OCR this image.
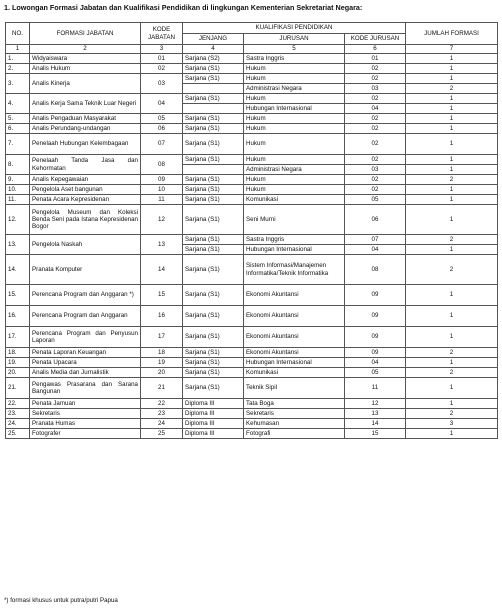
1. Lowongan Formasi Jabatan dan Kualifikasi Pendidikan di lingkungan Kementerian Sekretariat Negara:
NO.	FORMASI JABATAN	KODE JABATAN	KUALIFIKASI PENDIDIKAN			JUMLAH FORMASI
			JENJANG	JURUSAN	KODE JURUSAN	
1	2	3	4	5	6	7
1.	Widyaiswara	01	Sarjana (S2)	Sastra Inggris	01	1
2.	Analis Hukum	02	Sarjana (S1)	Hukum	02	1
3.	Analis Kinerja	03	Sarjana (S1)	Hukum	02	1
				Administrasi Negara	03	2
4.	Analis Kerja Sama Teknik Luar Negeri	04	Sarjana (S1)	Hukum	02	1
				Hubungan Internasional	04	1
5.	Analis Pengaduan Masyarakat	05	Sarjana (S1)	Hukum	02	1
6.	Analis Perundang-undangan	06	Sarjana (S1)	Hukum	02	1
7.	Penelaah Hubungan Kelembagaan	07	Sarjana (S1)	Hukum	02	1
8.	Penelaah Tanda Jasa dan Kehormatan	08	Sarjana (S1)	Hukum	02	1
				Administrasi Negara	03	1
9.	Analis Kepegawaian	09	Sarjana (S1)	Hukum	02	2
10.	Pengelola Aset bangunan	10	Sarjana (S1)	Hukum	02	1
11.	Penata Acara Kepresidenan	11	Sarjana (S1)	Komunikasi	05	1
12.	Pengelola Museum dan Koleksi Benda Seni pada Istana Kepresidenan Bogor	12	Sarjana (S1)	Seni Murni	06	1
13.	Pengelola Naskah	13	Sarjana (S1)	Sastra Inggris	07	2
			Sarjana (S1)	Hubungan Internasional	04	1
14.	Pranata Komputer	14	Sarjana (S1)	Sistem Informasi/Manajemen Informatika/Teknik Informatika	08	2
15.	Perencana Program dan Anggaran *)	15	Sarjana (S1)	Ekonomi Akuntansi	09	1
16.	Perencana Program dan Anggaran	16	Sarjana (S1)	Ekonomi Akuntansi	09	1
17.	Perencana Program dan Penyusun Laporan	17	Sarjana (S1)	Ekonomi Akuntansi	09	1
18.	Penata Laporan Keuangan	18	Sarjana (S1)	Ekonomi Akuntansi	09	2
19.	Penata Upacara	19	Sarjana (S1)	Hubungan Internasional	04	1
20.	Analis Media dan Jurnalistik	20	Sarjana (S1)	Komunikasi	05	2
21.	Pengawas Prasarana dan Sarana Bangunan	21	Sarjana (S1)	Teknik Sipil	11	1
22.	Penata Jamuan	22	Diploma III	Tata Boga	12	1
23.	Sekretaris	23	Diploma III	Sekretaris	13	2
24.	Pranata Humas	24	Diploma III	Kehumasan	14	3
25.	Fotografer	25	Diploma III	Fotografi	15	1
*) formasi khusus untuk putra/putri Papua
